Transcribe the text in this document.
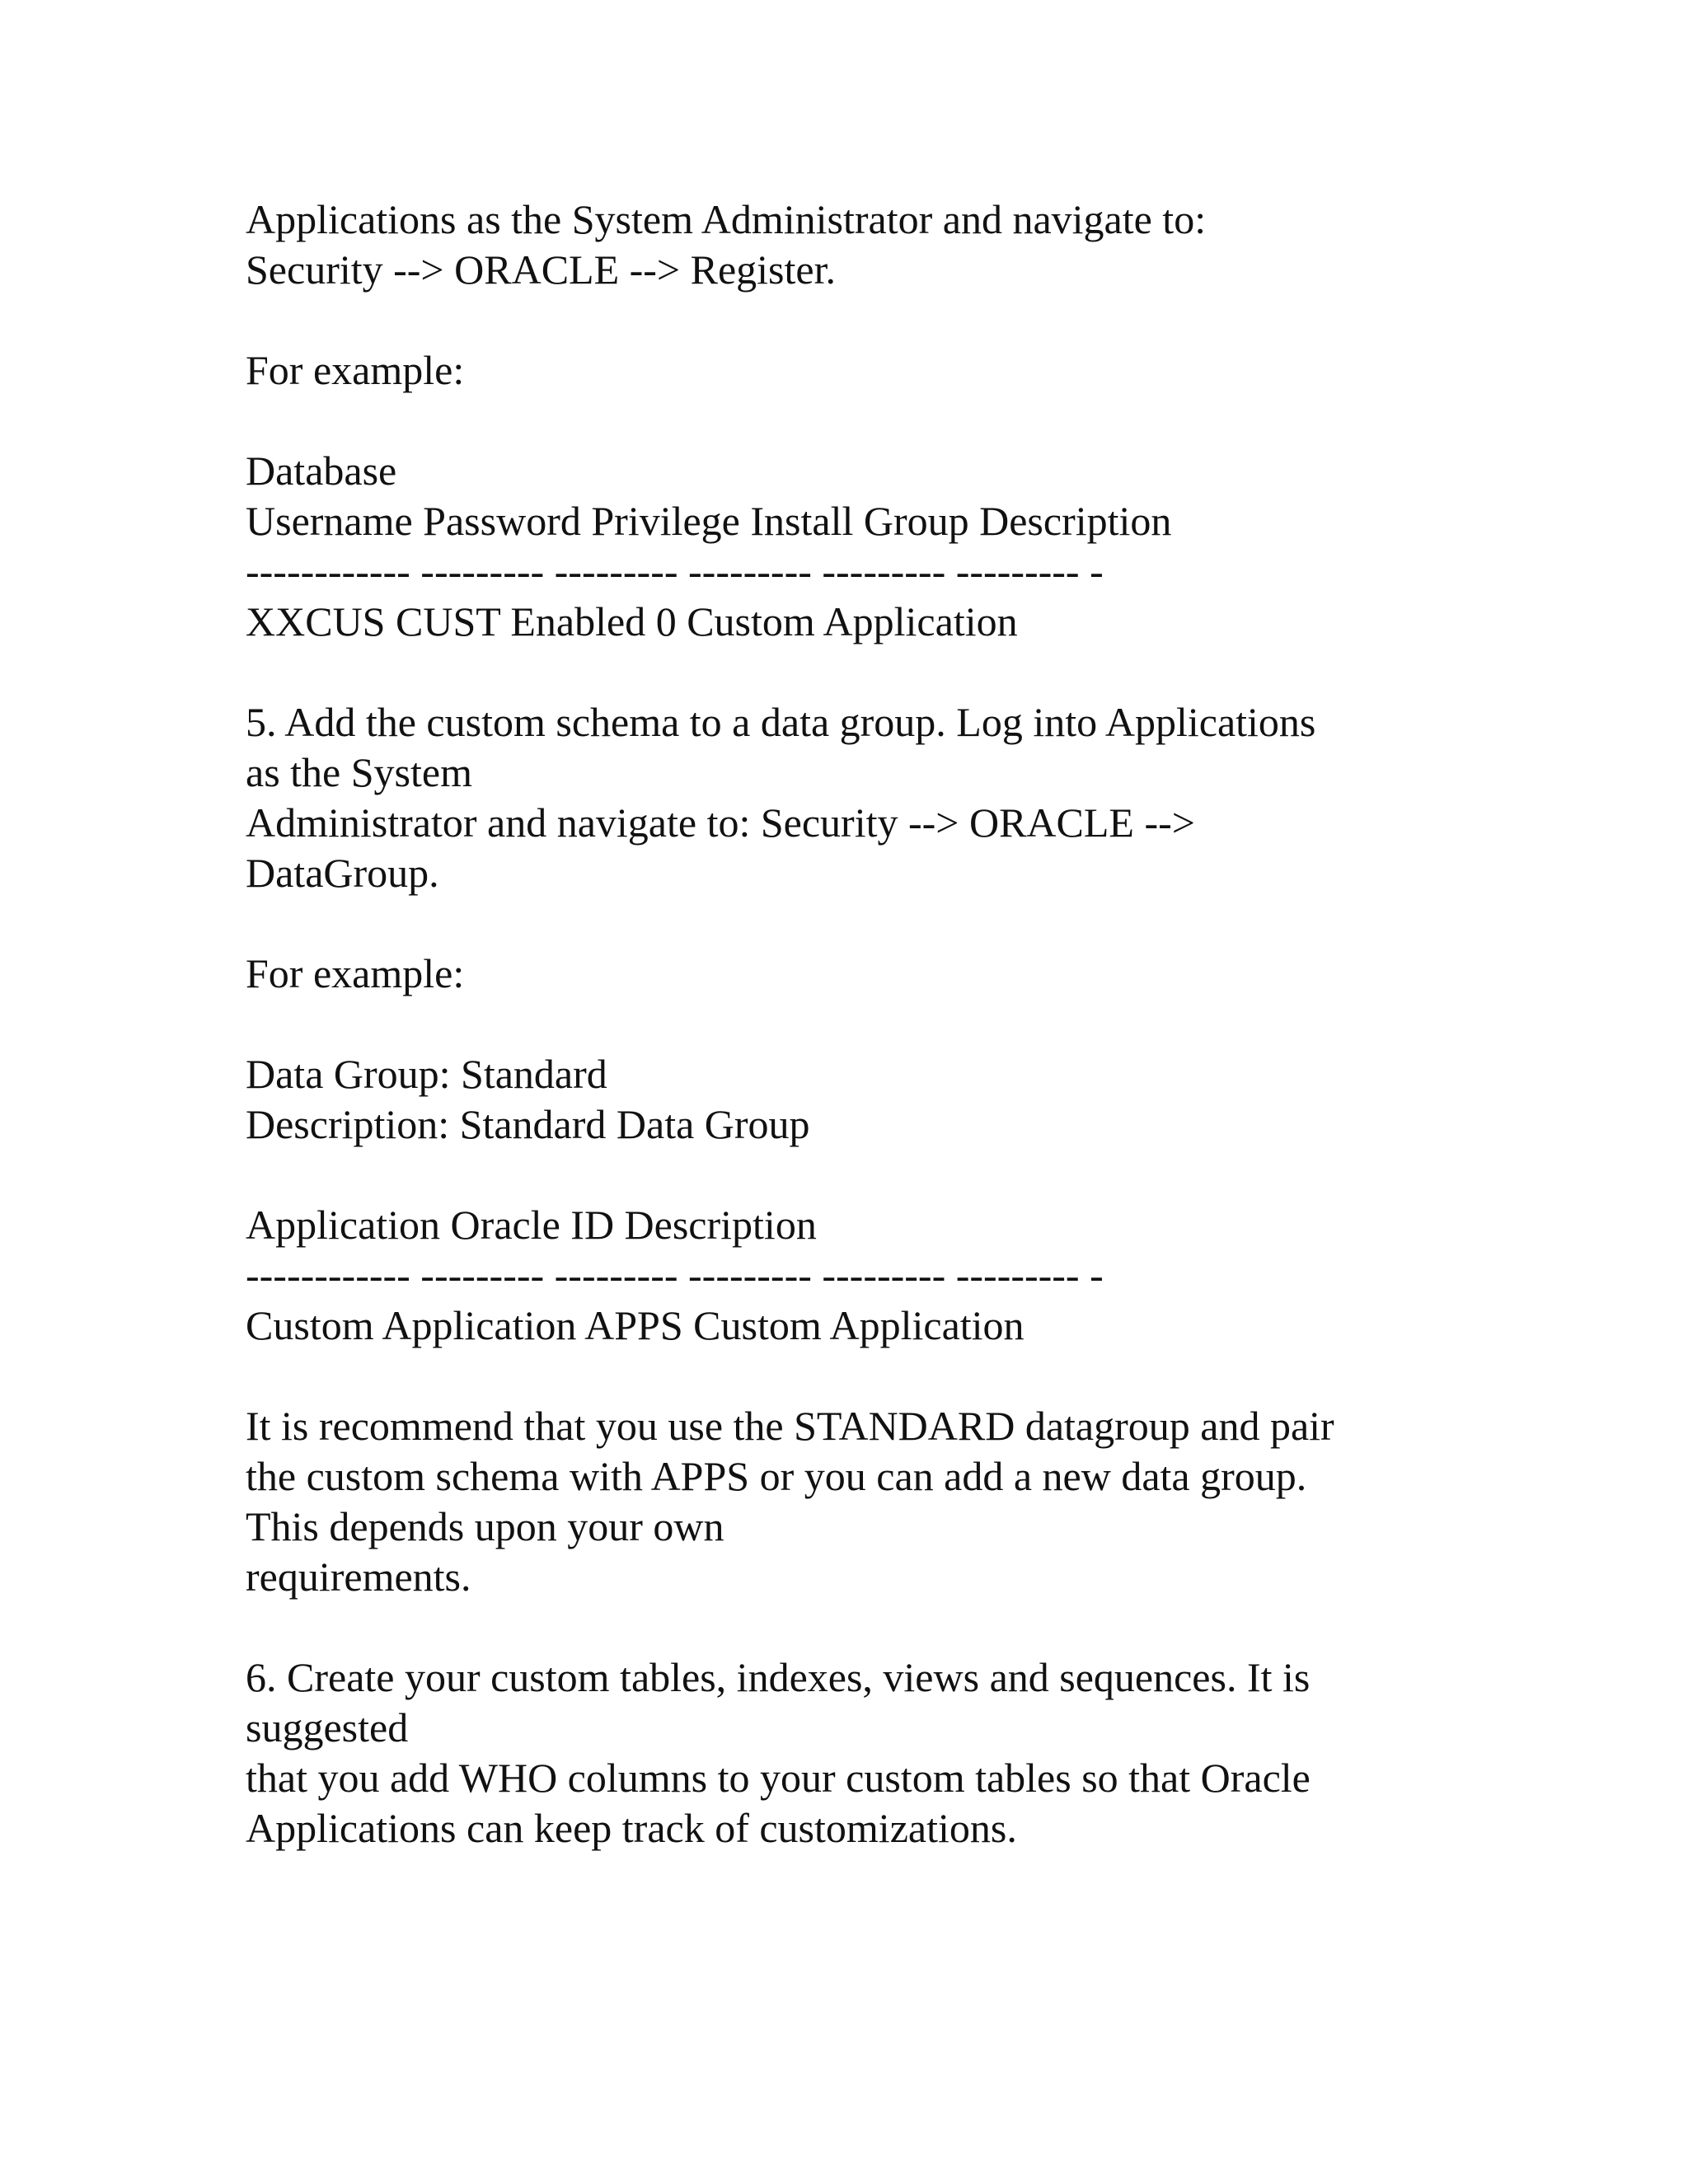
Applications as the System Administrator and navigate to:
Security --> ORACLE --> Register.
For example:
Database
Username Password Privilege Install Group Description
------------ --------- --------- --------- --------- --------- -
XXCUS CUST Enabled 0 Custom Application
5. Add the custom schema to a data group. Log into Applications
as the System
Administrator and navigate to: Security --> ORACLE -->
DataGroup.
For example:
Data Group: Standard
Description: Standard Data Group
Application Oracle ID Description
------------ --------- --------- --------- --------- --------- -
Custom Application APPS Custom Application
It is recommend that you use the STANDARD datagroup and pair
the custom schema with APPS or you can add a new data group.
This depends upon your own
requirements.
6. Create your custom tables, indexes, views and sequences. It is
suggested
that you add WHO columns to your custom tables so that Oracle
Applications can keep track of customizations.
